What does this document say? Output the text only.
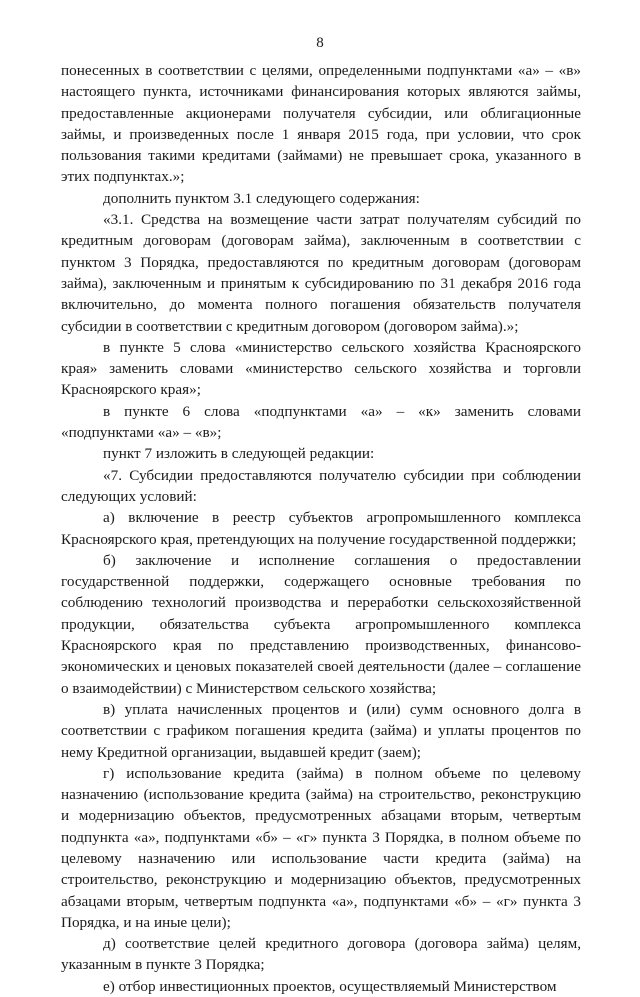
8

понесенных в соответствии с целями, определенными подпунктами «а» – «в» настоящего пункта, источниками финансирования которых являются займы, предоставленные акционерами получателя субсидии, или облигационные займы, и произведенных после 1 января 2015 года, при условии, что срок пользования такими кредитами (займами) не превышает срока, указанного в этих подпунктах.»;

дополнить пунктом 3.1 следующего содержания:

«3.1. Средства на возмещение части затрат получателям субсидий по кредитным договорам (договорам займа), заключенным в соответствии с пунктом 3 Порядка, предоставляются по кредитным договорам (договорам займа), заключенным и принятым к субсидированию по 31 декабря 2016 года включительно, до момента полного погашения обязательств получателя субсидии в соответствии с кредитным договором (договором займа).»;

в пункте 5 слова «министерство сельского хозяйства Красноярского края» заменить словами «министерство сельского хозяйства и торговли Красноярского края»;

в пункте 6 слова «подпунктами «а» – «к» заменить словами «подпунктами «а» – «в»;

пункт 7 изложить в следующей редакции:

«7. Субсидии предоставляются получателю субсидии при соблюдении следующих условий:

а) включение в реестр субъектов агропромышленного комплекса Красноярского края, претендующих на получение государственной поддержки;

б) заключение и исполнение соглашения о предоставлении государственной поддержки, содержащего основные требования по соблюдению технологий производства и переработки сельскохозяйственной продукции, обязательства субъекта агропромышленного комплекса Красноярского края по представлению производственных, финансово-экономических и ценовых показателей своей деятельности (далее – соглашение о взаимодействии) с Министерством сельского хозяйства;

в) уплата начисленных процентов и (или) сумм основного долга в соответствии с графиком погашения кредита (займа) и уплаты процентов по нему Кредитной организации, выдавшей кредит (заем);

г) использование кредита (займа) в полном объеме по целевому назначению (использование кредита (займа) на строительство, реконструкцию и модернизацию объектов, предусмотренных абзацами вторым, четвертым подпункта «а», подпунктами «б» – «г» пункта 3 Порядка, в полном объеме по целевому назначению или использование части кредита (займа) на строительство, реконструкцию и модернизацию объектов, предусмотренных абзацами вторым, четвертым подпункта «а», подпунктами «б» – «г» пункта 3 Порядка, и на иные цели);

д) соответствие целей кредитного договора (договора займа) целям, указанным в пункте 3 Порядка;

е) отбор инвестиционных проектов, осуществляемый Министерством
